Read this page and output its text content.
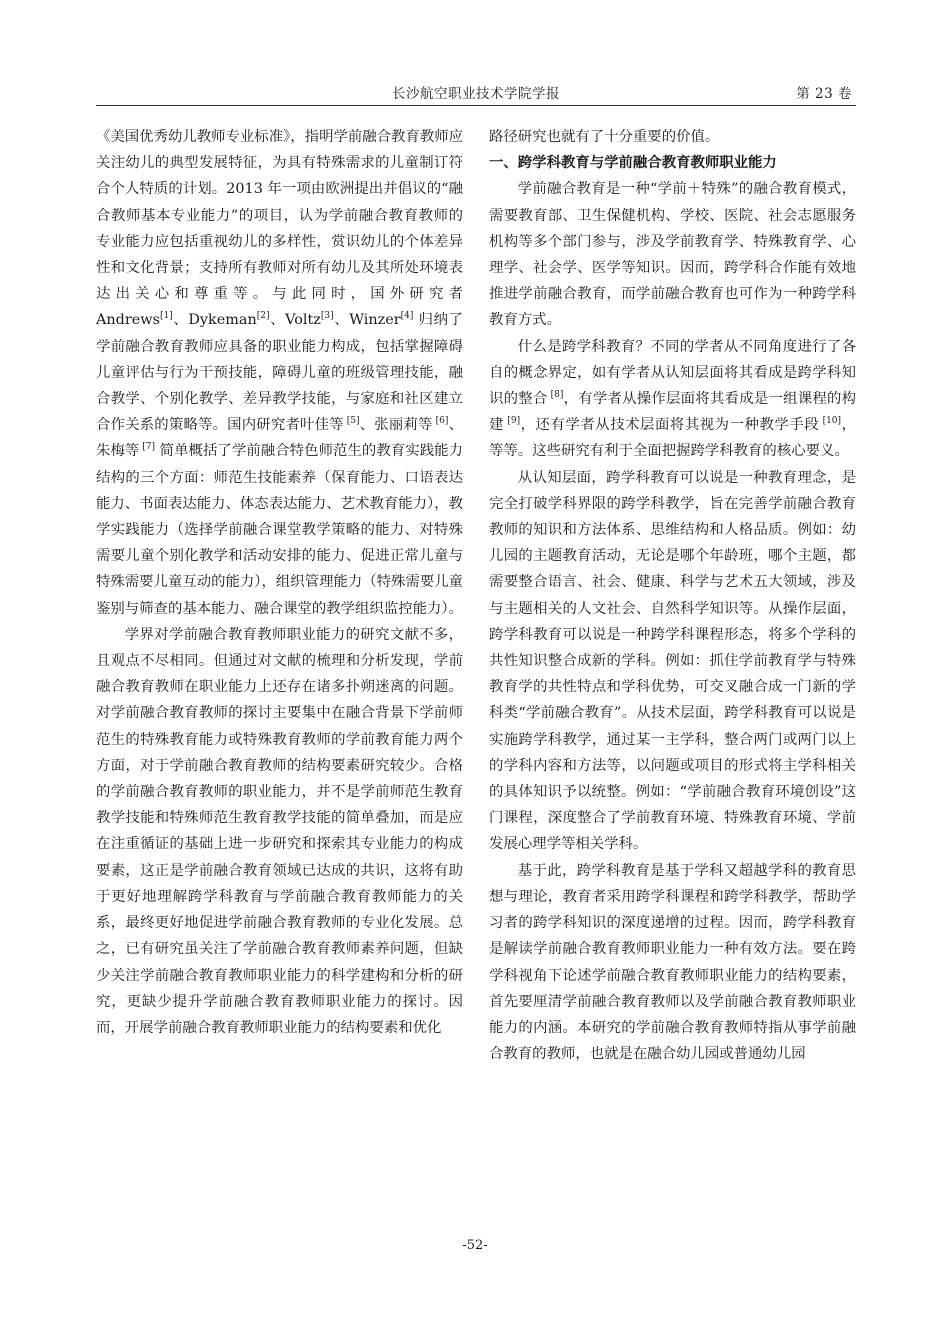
长沙航空职业技术学院学报	第 23 卷

《美国优秀幼儿教师专业标准》，指明学前融合教育教师应关注幼儿的典型发展特征，为具有特殊需求的儿童制订符合个人特质的计划。2013 年一项由欧洲提出并倡议的“融合教师基本专业能力”的项目，认为学前融合教育教师的专业能力应包括重视幼儿的多样性，赏识幼儿的个体差异性和文化背景；支持所有教师对所有幼儿及其所处环境表达出关心和尊重等。与此同时，国外研究者 Andrews[1]、Dykeman[2]、Voltz[3]、Winzer[4] 归纳了学前融合教育教师应具备的职业能力构成，包括掌握障碍儿童评估与行为干预技能，障碍儿童的班级管理技能，融合教学、个别化教学、差异教学技能，与家庭和社区建立合作关系的策略等。国内研究者叶佳等 [5]、张丽莉等 [6]、朱梅等 [7] 简单概括了学前融合特色师范生的教育实践能力结构的三个方面：师范生技能素养（保育能力、口语表达能力、书面表达能力、体态表达能力、艺术教育能力），教学实践能力（选择学前融合课堂教学策略的能力、对特殊需要儿童个别化教学和活动安排的能力、促进正常儿童与特殊需要儿童互动的能力），组织管理能力（特殊需要儿童鉴别与筛查的基本能力、融合课堂的教学组织监控能力）。

学界对学前融合教育教师职业能力的研究文献不多，且观点不尽相同。但通过对文献的梳理和分析发现，学前融合教育教师在职业能力上还存在诸多扑朔迷离的问题。对学前融合教育教师的探讨主要集中在融合背景下学前师范生的特殊教育能力或特殊教育教师的学前教育能力两个方面，对于学前融合教育教师的结构要素研究较少。合格的学前融合教育教师的职业能力，并不是学前师范生教育教学技能和特殊师范生教育教学技能的简单叠加，而是应在注重循证的基础上进一步研究和探索其专业能力的构成要素，这正是学前融合教育领域已达成的共识，这将有助于更好地理解跨学科教育与学前融合教育教师能力的关系，最终更好地促进学前融合教育教师的专业化发展。总之，已有研究虽关注了学前融合教育教师素养问题，但缺少关注学前融合教育教师职业能力的科学建构和分析的研究，更缺少提升学前融合教育教师职业能力的探讨。因而，开展学前融合教育教师职业能力的结构要素和优化

路径研究也就有了十分重要的价值。

一、跨学科教育与学前融合教育教师职业能力

学前融合教育是一种“学前＋特殊”的融合教育模式，需要教育部、卫生保健机构、学校、医院、社会志愿服务机构等多个部门参与，涉及学前教育学、特殊教育学、心理学、社会学、医学等知识。因而，跨学科合作能有效地推进学前融合教育，而学前融合教育也可作为一种跨学科教育方式。

什么是跨学科教育？不同的学者从不同角度进行了各自的概念界定，如有学者从认知层面将其看成是跨学科知识的整合 [8]，有学者从操作层面将其看成是一组课程的构建 [9]，还有学者从技术层面将其视为一种教学手段 [10]，等等。这些研究有利于全面把握跨学科教育的核心要义。

从认知层面，跨学科教育可以说是一种教育理念，是完全打破学科界限的跨学科教学，旨在完善学前融合教育教师的知识和方法体系、思维结构和人格品质。例如：幼儿园的主题教育活动，无论是哪个年龄班，哪个主题，都需要整合语言、社会、健康、科学与艺术五大领域，涉及与主题相关的人文社会、自然科学知识等。从操作层面，跨学科教育可以说是一种跨学科课程形态，将多个学科的共性知识整合成新的学科。例如：抓住学前教育学与特殊教育学的共性特点和学科优势，可交叉融合成一门新的学科类“学前融合教育”。从技术层面，跨学科教育可以说是实施跨学科教学，通过某一主学科，整合两门或两门以上的学科内容和方法等，以问题或项目的形式将主学科相关的具体知识予以统整。例如：“学前融合教育环境创设”这门课程，深度整合了学前教育环境、特殊教育环境、学前发展心理学等相关学科。

基于此，跨学科教育是基于学科又超越学科的教育思想与理论，教育者采用跨学科课程和跨学科教学，帮助学习者的跨学科知识的深度递增的过程。因而，跨学科教育是解读学前融合教育教师职业能力一种有效方法。要在跨学科视角下论述学前融合教育教师职业能力的结构要素，首先要厘清学前融合教育教师以及学前融合教育教师职业能力的内涵。本研究的学前融合教育教师特指从事学前融合教育的教师，也就是在融合幼儿园或普通幼儿园

-52-
